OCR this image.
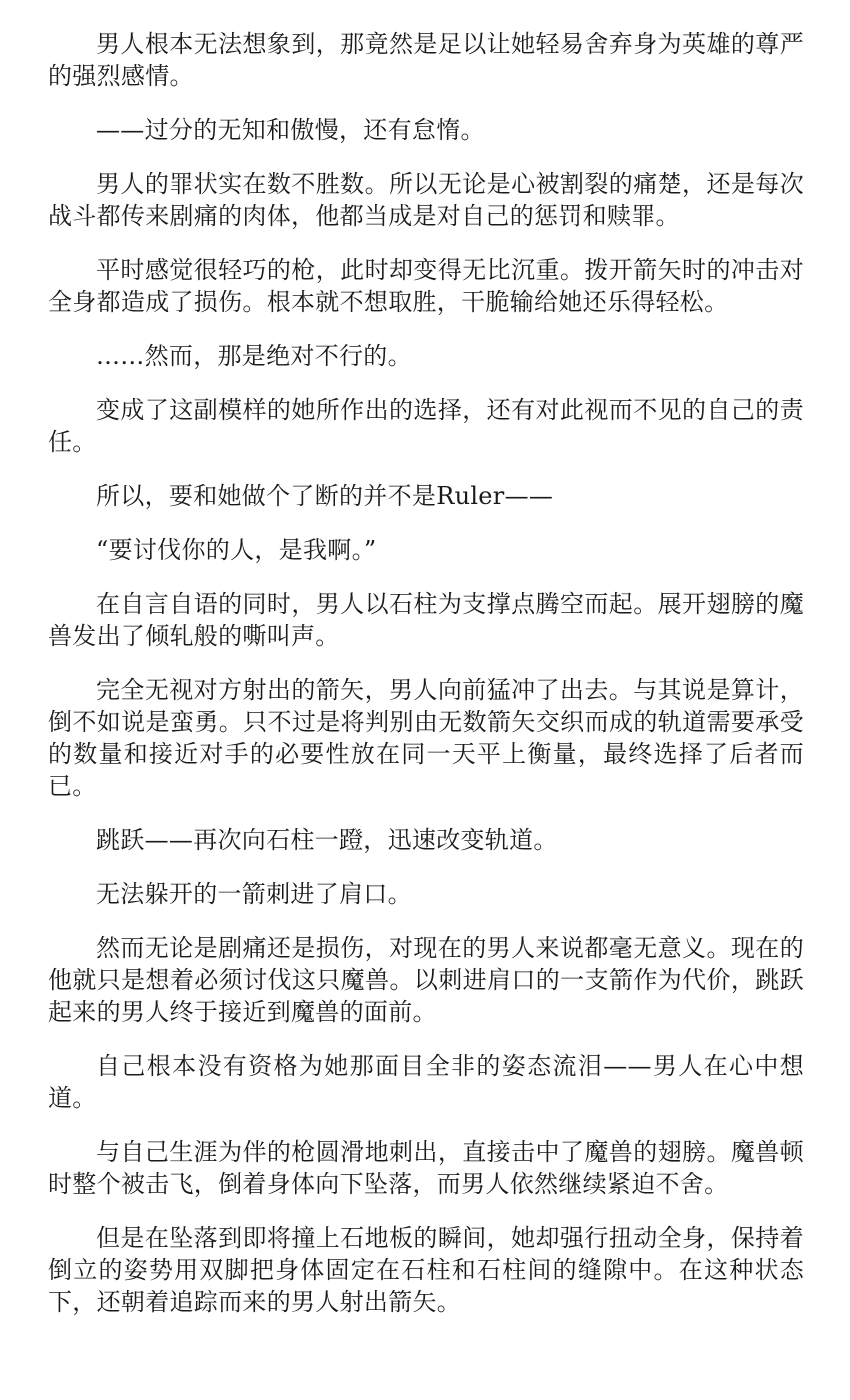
男人根本无法想象到，那竟然是足以让她轻易舍弃身为英雄的尊严的强烈感情。

——过分的无知和傲慢，还有怠惰。

男人的罪状实在数不胜数。所以无论是心被割裂的痛楚，还是每次战斗都传来剧痛的肉体，他都当成是对自己的惩罚和赎罪。

平时感觉很轻巧的枪，此时却变得无比沉重。拨开箭矢时的冲击对全身都造成了损伤。根本就不想取胜，干脆输给她还乐得轻松。

……然而，那是绝对不行的。

变成了这副模样的她所作出的选择，还有对此视而不见的自己的责任。

所以，要和她做个了断的并不是Ruler——

“要讨伐你的人，是我啊。”

在自言自语的同时，男人以石柱为支撑点腾空而起。展开翅膀的魔兽发出了倾轧般的嘶叫声。

完全无视对方射出的箭矢，男人向前猛冲了出去。与其说是算计，倒不如说是蛮勇。只不过是将判别由无数箭矢交织而成的轨道需要承受的数量和接近对手的必要性放在同一天平上衡量，最终选择了后者而已。

跳跃——再次向石柱一蹬，迅速改变轨道。

无法躲开的一箭刺进了肩口。

然而无论是剧痛还是损伤，对现在的男人来说都毫无意义。现在的他就只是想着必须讨伐这只魔兽。以刺进肩口的一支箭作为代价，跳跃起来的男人终于接近到魔兽的面前。

自己根本没有资格为她那面目全非的姿态流泪——男人在心中想道。

与自己生涯为伴的枪圆滑地刺出，直接击中了魔兽的翅膀。魔兽顿时整个被击飞，倒着身体向下坠落，而男人依然继续紧迫不舍。

但是在坠落到即将撞上石地板的瞬间，她却强行扭动全身，保持着倒立的姿势用双脚把身体固定在石柱和石柱间的缝隙中。在这种状态下，还朝着追踪而来的男人射出箭矢。
